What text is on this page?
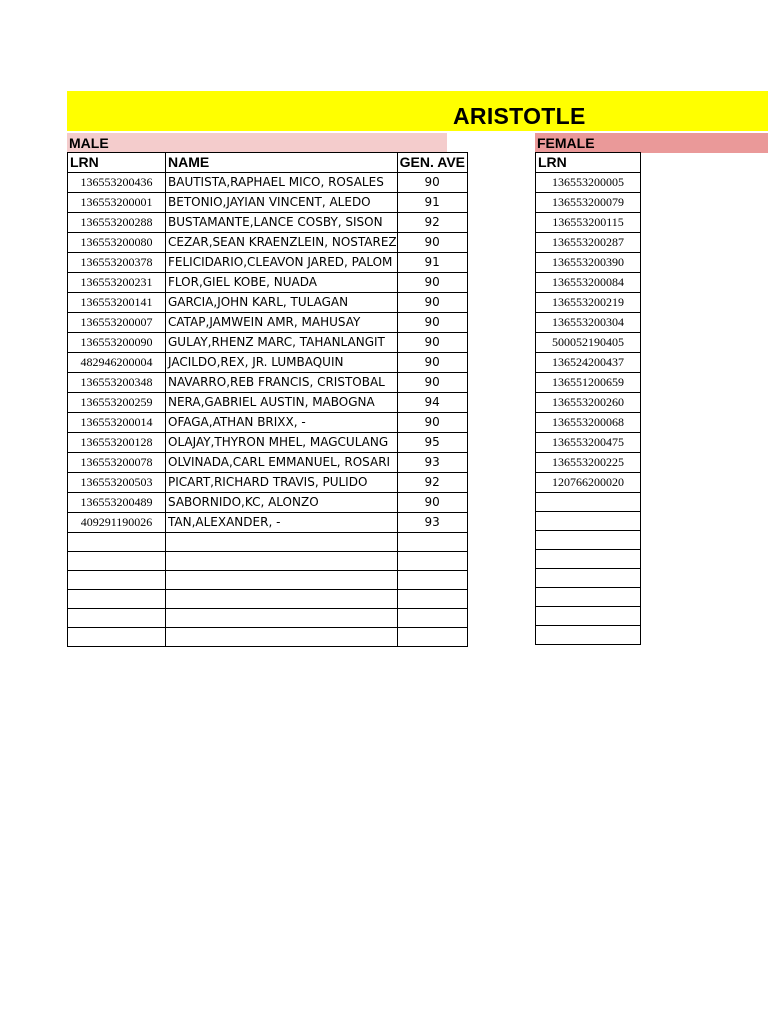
ARISTOTLE
MALE	FEMALE
LRN	NAME	GEN. AVE
136553200436	BAUTISTA,RAPHAEL MICO, ROSALES	90
136553200001	BETONIO,JAYIAN VINCENT, ALEDO	91
136553200288	BUSTAMANTE,LANCE COSBY, SISON	92
136553200080	CEZAR,SEAN KRAENZLEIN, NOSTAREZ	90
136553200378	FELICIDARIO,CLEAVON JARED, PALOM	91
136553200231	FLOR,GIEL KOBE, NUADA	90
136553200141	GARCIA,JOHN KARL, TULAGAN	90
136553200007	CATAP,JAMWEIN AMR, MAHUSAY	90
136553200090	GULAY,RHENZ MARC, TAHANLANGIT	90
482946200004	JACILDO,REX, JR. LUMBAQUIN	90
136553200348	NAVARRO,REB FRANCIS, CRISTOBAL	90
136553200259	NERA,GABRIEL AUSTIN, MABOGNA	94
136553200014	OFAGA,ATHAN BRIXX, -	90
136553200128	OLAJAY,THYRON MHEL, MAGCULANG	95
136553200078	OLVINADA,CARL EMMANUEL, ROSARI	93
136553200503	PICART,RICHARD TRAVIS, PULIDO	92
136553200489	SABORNIDO,KC, ALONZO	90
409291190026	TAN,ALEXANDER, -	93

LRN
136553200005
136553200079
136553200115
136553200287
136553200390
136553200084
136553200219
136553200304
500052190405
136524200437
136551200659
136553200260
136553200068
136553200475
136553200225
120766200020
